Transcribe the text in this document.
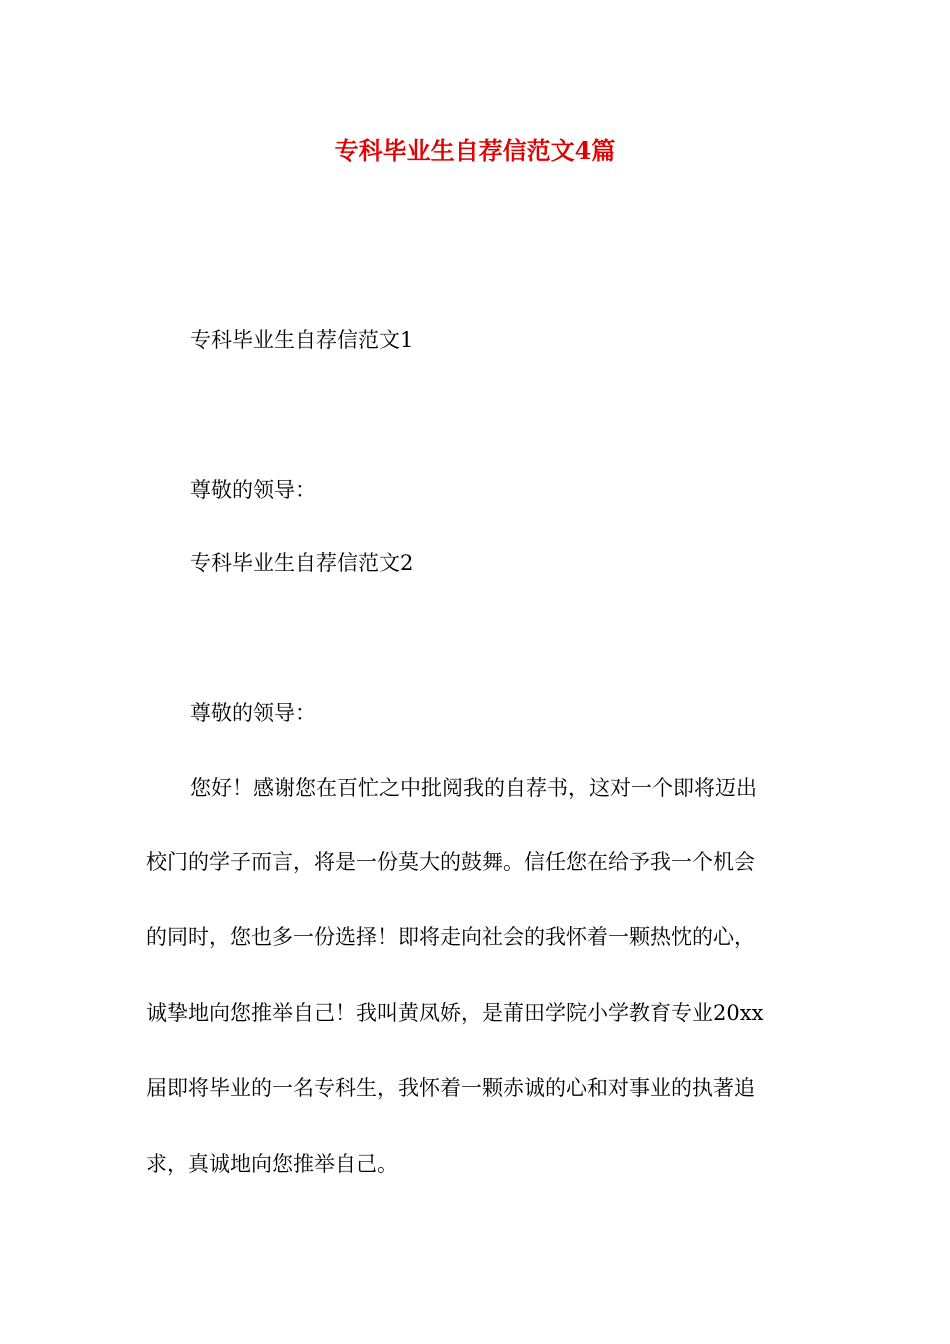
专科毕业生自荐信范文4篇
专科毕业生自荐信范文1
尊敬的领导：
专科毕业生自荐信范文2
尊敬的领导：
您好！感谢您在百忙之中批阅我的自荐书，这对一个即将迈出
校门的学子而言，将是一份莫大的鼓舞。信任您在给予我一个机会
的同时，您也多一份选择！即将走向社会的我怀着一颗热忱的心，
诚挚地向您推举自己！我叫黄凤娇，是莆田学院小学教育专业20xx
届即将毕业的一名专科生，我怀着一颗赤诚的心和对事业的执著追
求，真诚地向您推举自己。
